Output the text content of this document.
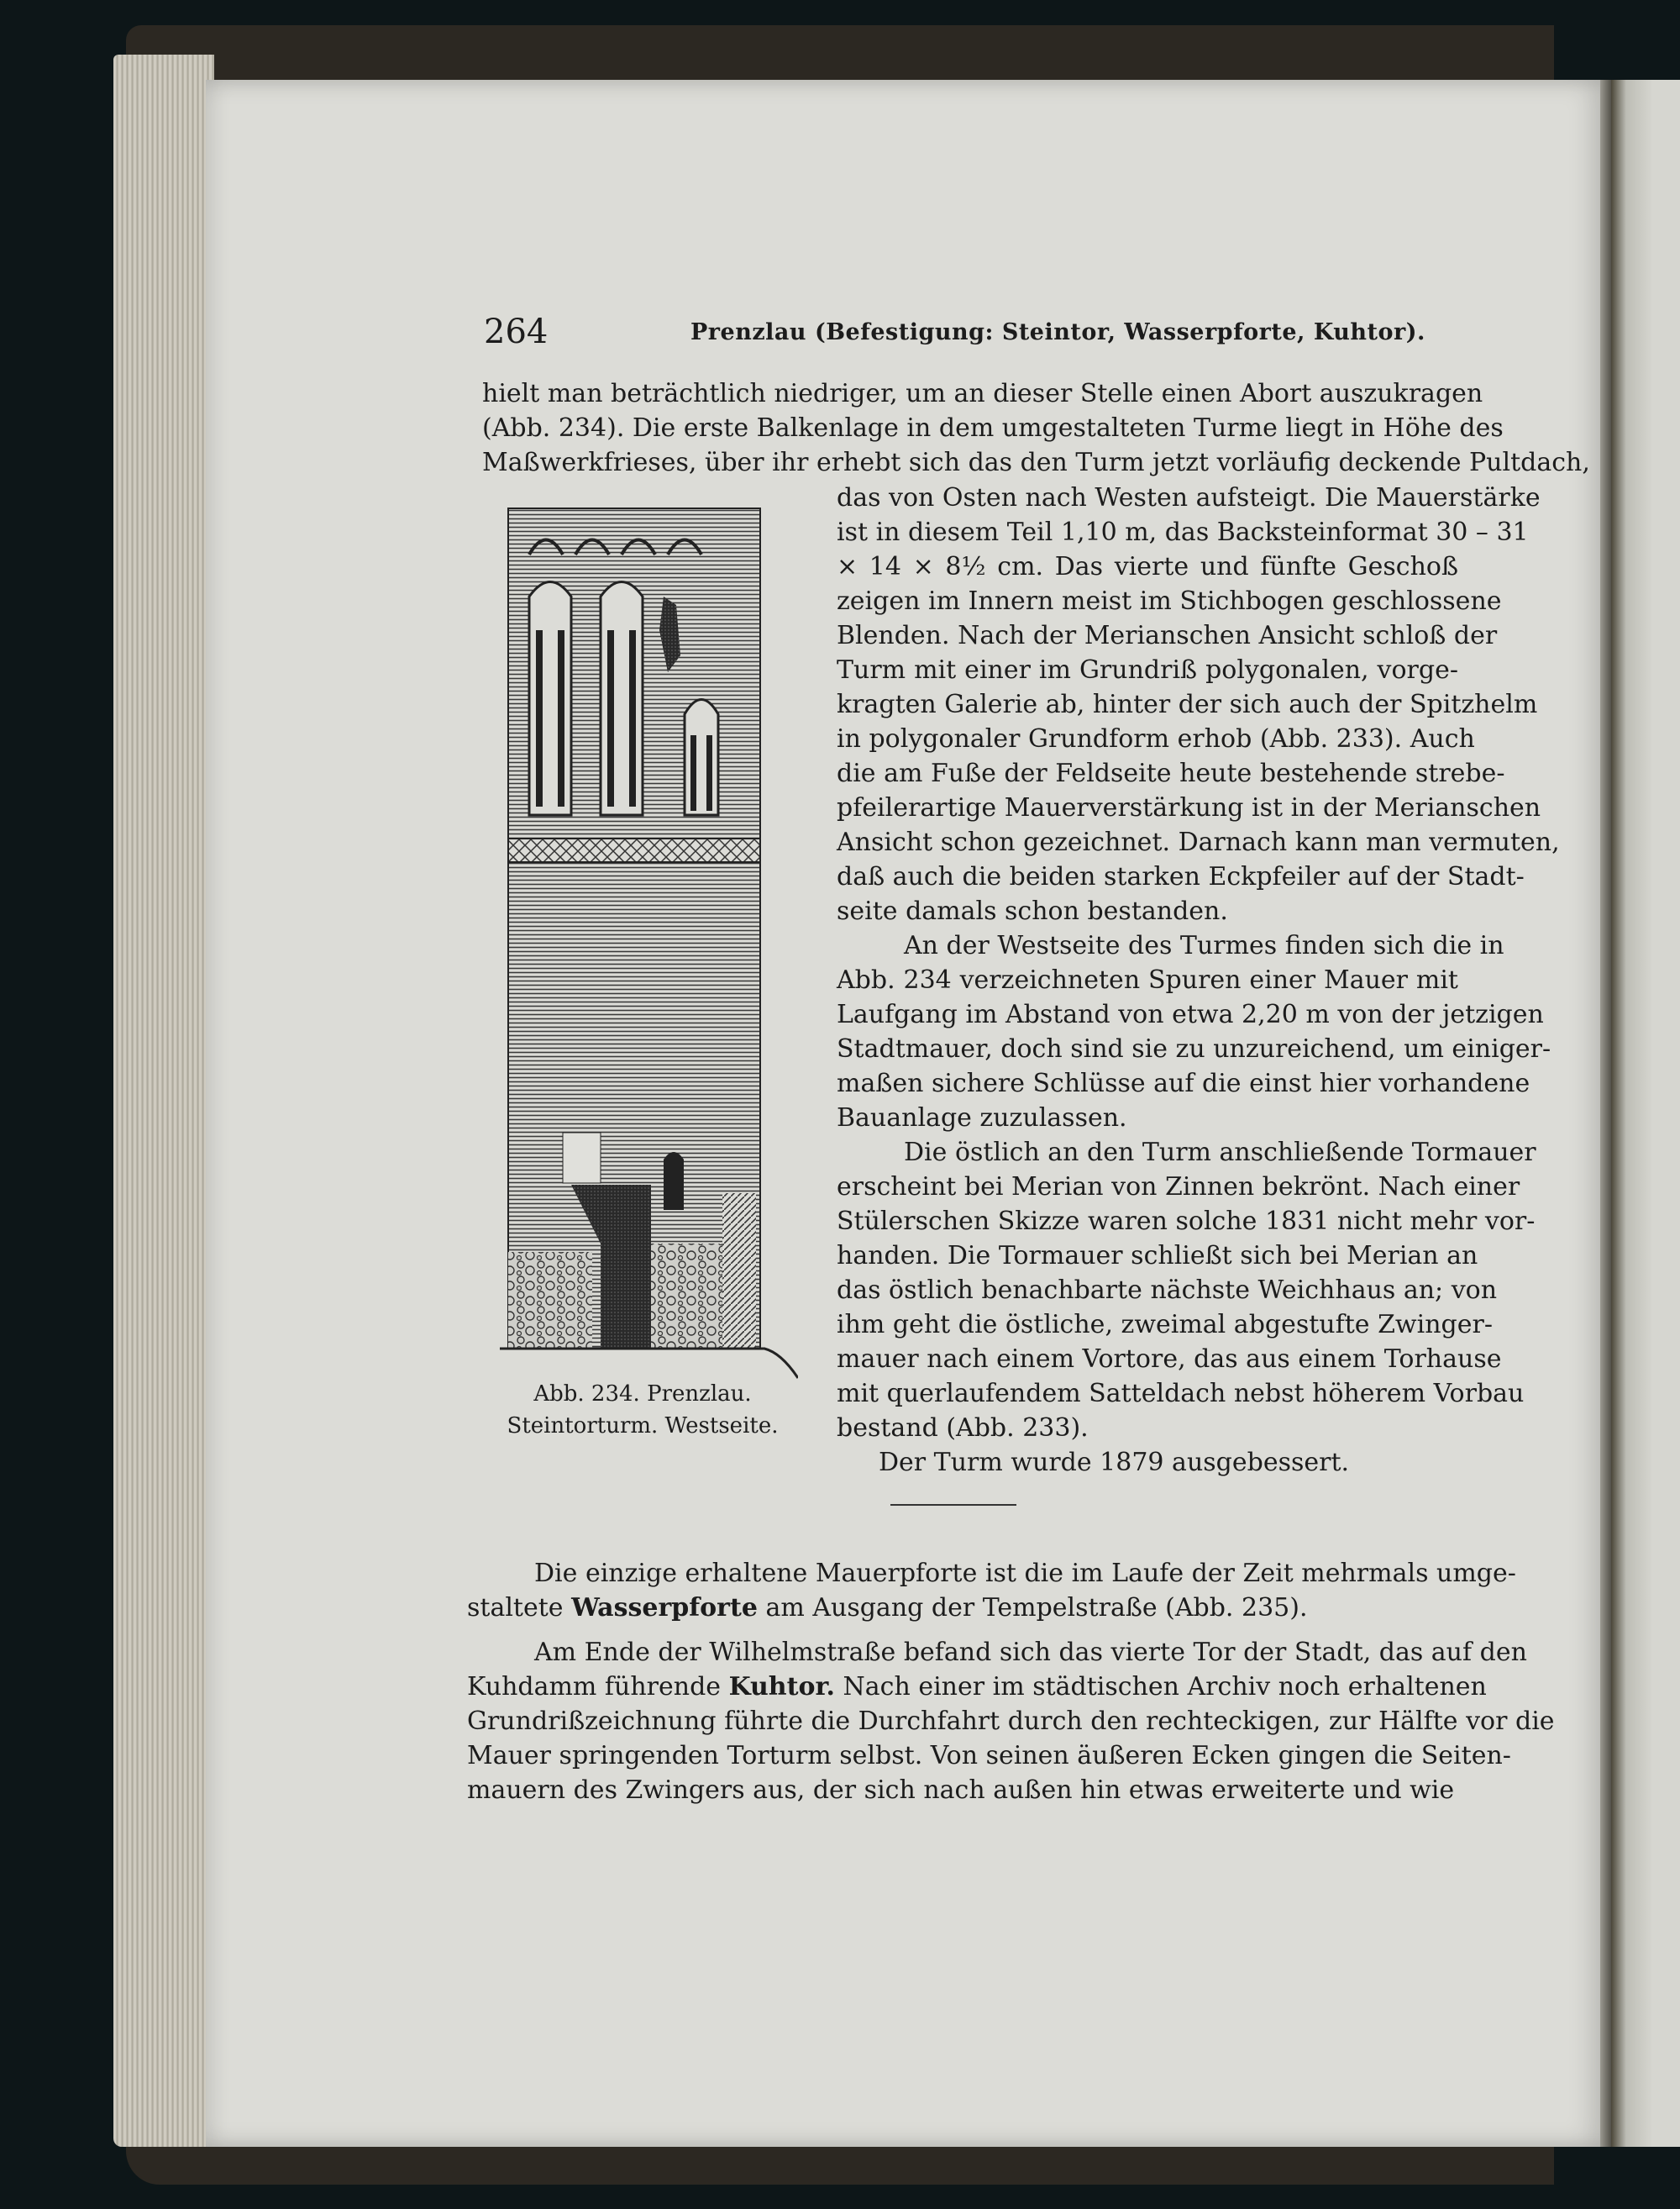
264	Prenzlau (Befestigung: Steintor, Wasserpforte, Kuhtor).
hielt man beträchtlich niedriger, um an dieser Stelle einen Abort auszukragen
(Abb. 234). Die erste Balkenlage in dem umgestalteten Turme liegt in Höhe des
Maßwerkfrieses, über ihr erhebt sich das den Turm jetzt vorläufig deckende Pultdach,
das von Osten nach Westen aufsteigt. Die Mauerstärke
ist in diesem Teil 1,10 m, das Backsteinformat 30 – 31
× 14 × 8½ cm. Das vierte und fünfte Geschoß
zeigen im Innern meist im Stichbogen geschlossene
Blenden. Nach der Merianschen Ansicht schloß der
Turm mit einer im Grundriß polygonalen, vorge-
kragten Galerie ab, hinter der sich auch der Spitzhelm
in polygonaler Grundform erhob (Abb. 233). Auch
die am Fuße der Feldseite heute bestehende strebe-
pfeilerartige Mauerverstärkung ist in der Merianschen
Ansicht schon gezeichnet. Darnach kann man vermuten,
daß auch die beiden starken Eckpfeiler auf der Stadt-
seite damals schon bestanden.
An der Westseite des Turmes finden sich die in
Abb. 234 verzeichneten Spuren einer Mauer mit
Laufgang im Abstand von etwa 2,20 m von der jetzigen
Stadtmauer, doch sind sie zu unzureichend, um einiger-
maßen sichere Schlüsse auf die einst hier vorhandene
Bauanlage zuzulassen.
Die östlich an den Turm anschließende Tormauer
erscheint bei Merian von Zinnen bekrönt. Nach einer
Stülerschen Skizze waren solche 1831 nicht mehr vor-
handen. Die Tormauer schließt sich bei Merian an
das östlich benachbarte nächste Weichhaus an; von
ihm geht die östliche, zweimal abgestufte Zwinger-
mauer nach einem Vortore, das aus einem Torhause
mit querlaufendem Satteldach nebst höherem Vorbau
bestand (Abb. 233).
Der Turm wurde 1879 ausgebessert.
Abb. 234. Prenzlau.
Steintorturm. Westseite.
Die einzige erhaltene Mauerpforte ist die im Laufe der Zeit mehrmals umge-
staltete Wasserpforte am Ausgang der Tempelstraße (Abb. 235).
Am Ende der Wilhelmstraße befand sich das vierte Tor der Stadt, das auf den
Kuhdamm führende Kuhtor. Nach einer im städtischen Archiv noch erhaltenen
Grundrißzeichnung führte die Durchfahrt durch den rechteckigen, zur Hälfte vor die
Mauer springenden Torturm selbst. Von seinen äußeren Ecken gingen die Seiten-
mauern des Zwingers aus, der sich nach außen hin etwas erweiterte und wie
